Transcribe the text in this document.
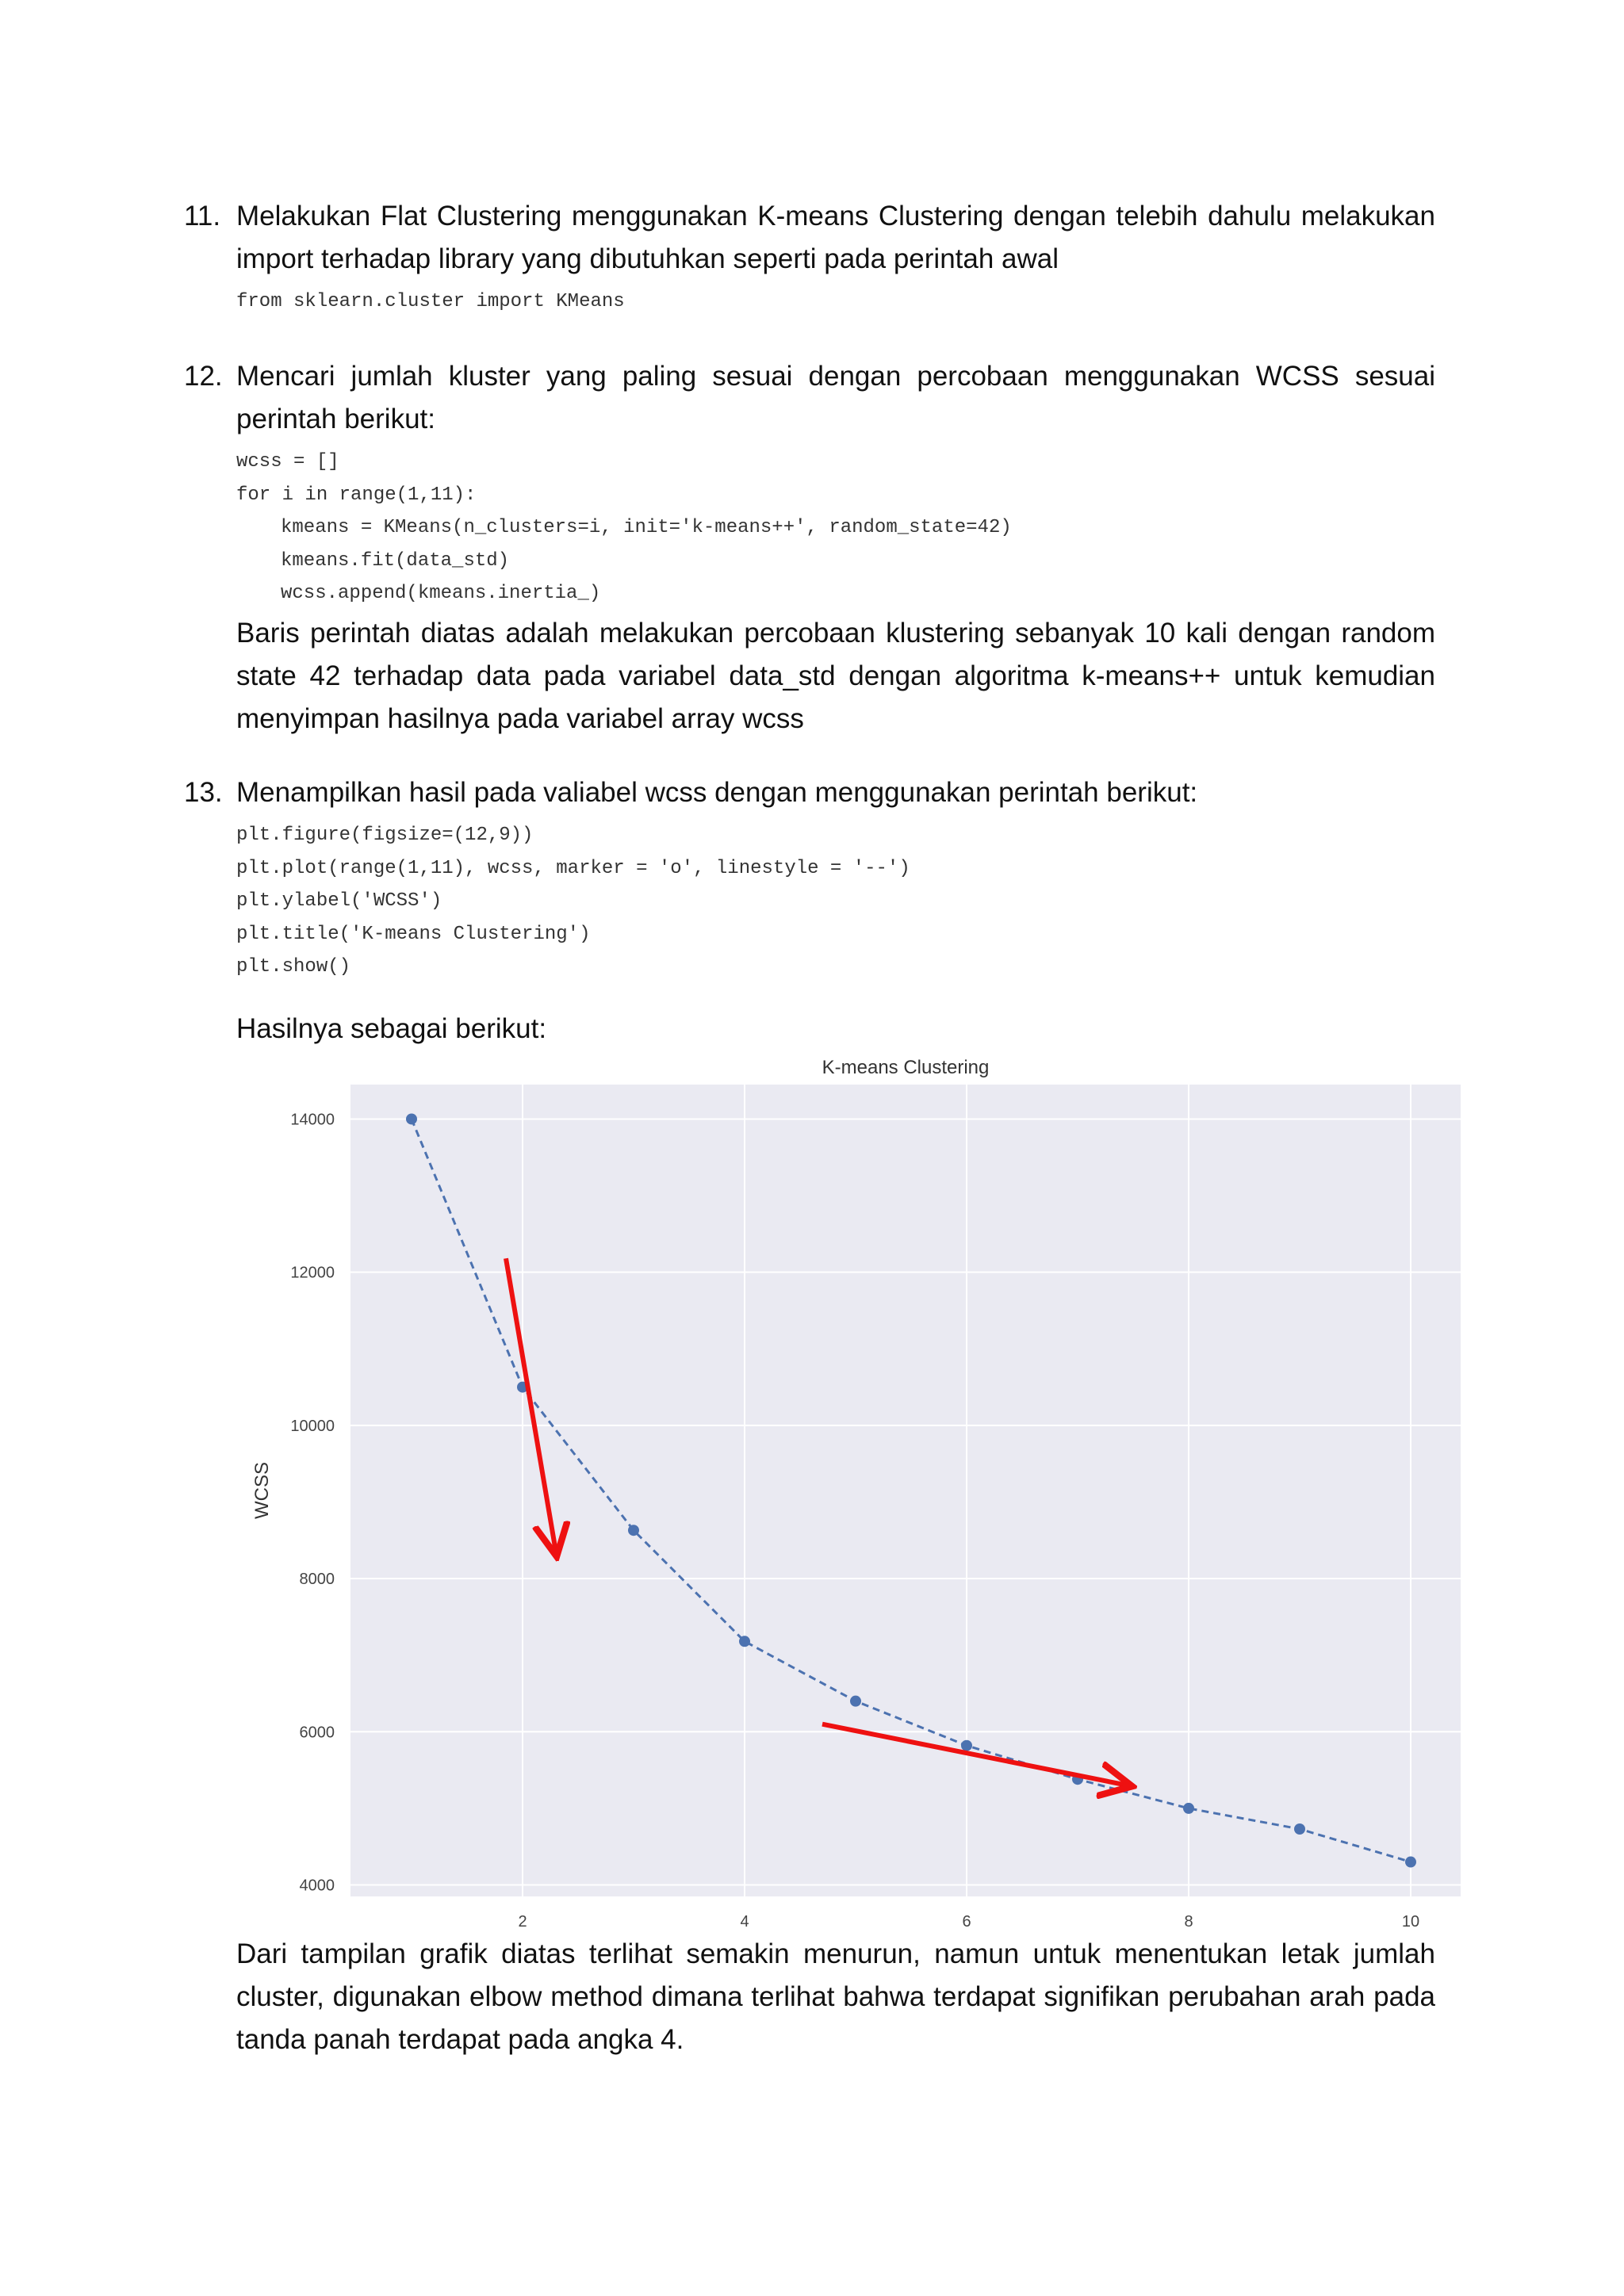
11. Melakukan Flat Clustering menggunakan K-means Clustering dengan telebih dahulu melakukan import terhadap library yang dibutuhkan seperti pada perintah awal

from sklearn.cluster import KMeans
12. Mencari jumlah kluster yang paling sesuai dengan percobaan menggunakan WCSS sesuai perintah berikut:

wcss = []
for i in range(1,11):
kmeans = KMeans(n_clusters=i, init='k-means++', random_state=42)
kmeans.fit(data_std)
wcss.append(kmeans.inertia_)

Baris perintah diatas adalah melakukan percobaan klustering sebanyak 10 kali dengan random state 42 terhadap data pada variabel data_std dengan algoritma k-means++ untuk kemudian menyimpan hasilnya pada variabel array wcss

13. Menampilkan hasil pada valiabel wcss dengan menggunakan perintah berikut:

plt.figure(figsize=(12,9))
plt.plot(range(1,11), wcss, marker = 'o', linestyle = '--')
plt.ylabel('WCSS')
plt.title('K-means Clustering')
plt.show()

Hasilnya sebagai berikut:

4000
6000
8000
10000
12000
14000
2	4	6	8	10
K-means Clustering
WCSS

Dari tampilan grafik diatas terlihat semakin menurun, namun untuk menentukan letak jumlah cluster, digunakan elbow method dimana terlihat bahwa terdapat signifikan perubahan arah pada tanda panah terdapat pada angka 4.
